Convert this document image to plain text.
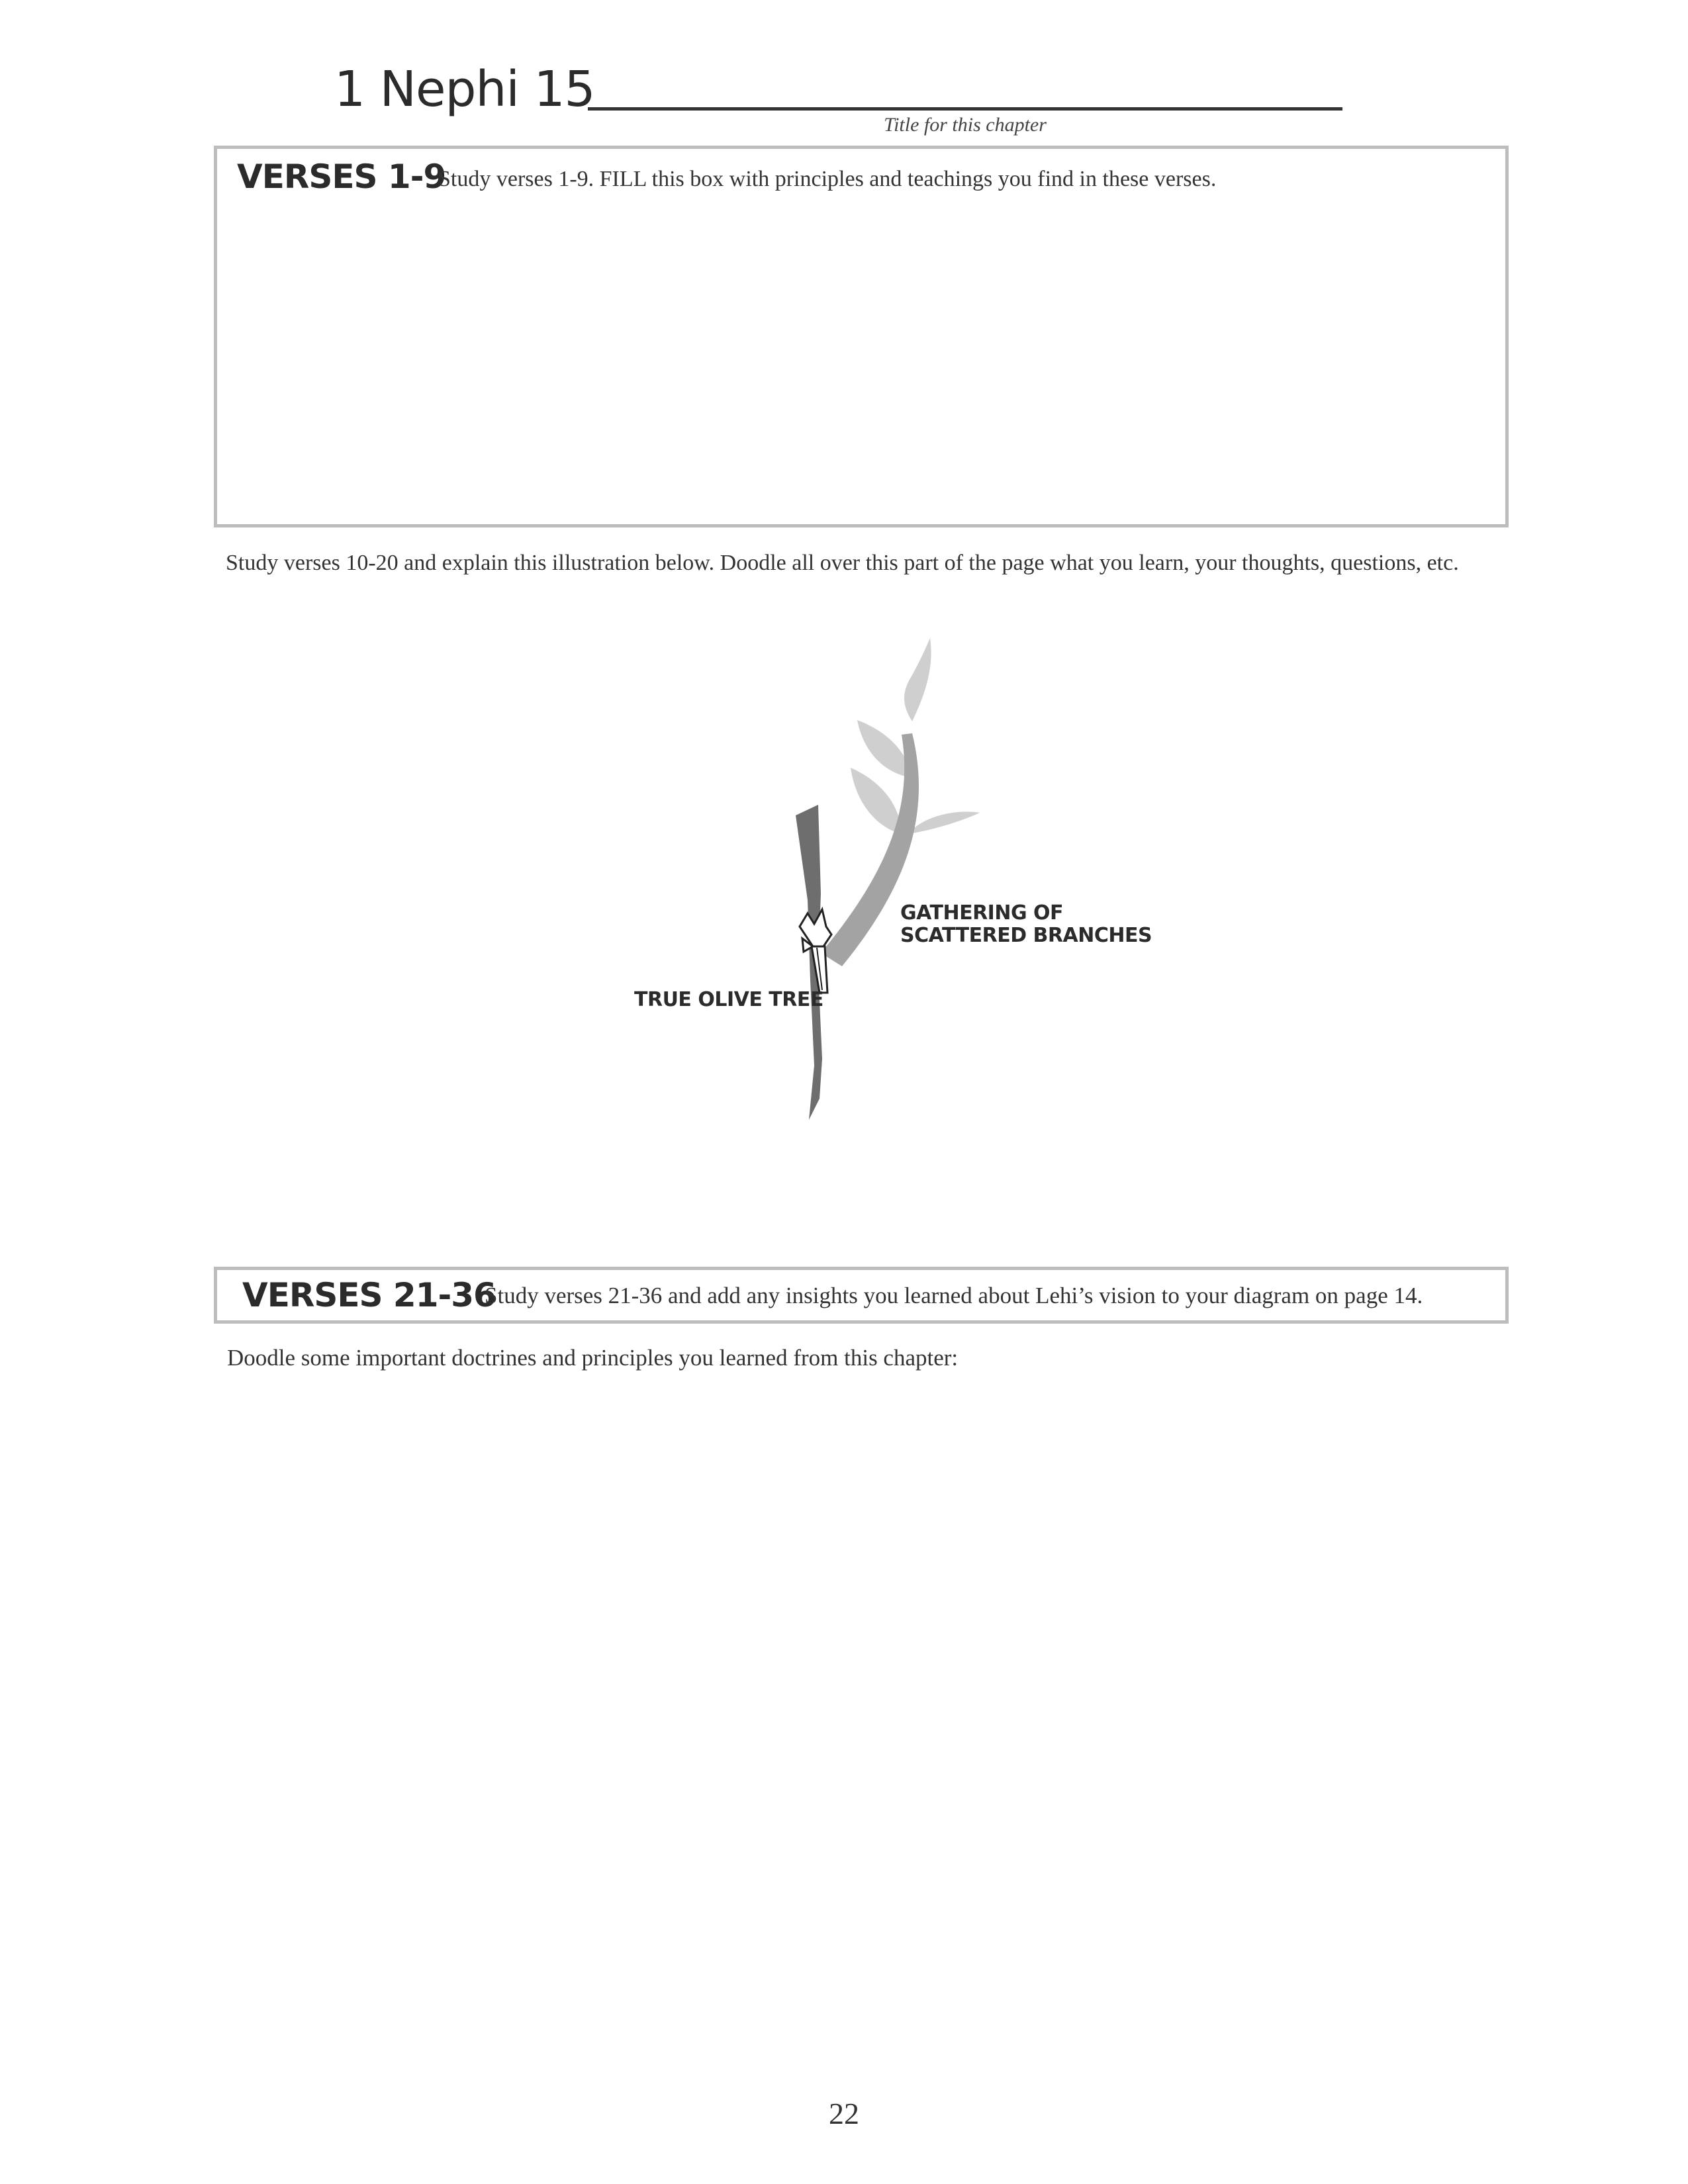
1 Nephi 15
Title for this chapter
VERSES 1-9
Study verses 1-9. FILL this box with principles and teachings you find in these verses.
Study verses 10-20 and explain this illustration below. Doodle all over this part of the page what you learn, your thoughts, questions, etc.
GATHERING OF
SCATTERED BRANCHES
TRUE OLIVE TREE
VERSES 21-36
Study verses 21-36 and add any insights you learned about Lehi’s vision to your diagram on page 14.
Doodle some important doctrines and principles you learned from this chapter:
22
